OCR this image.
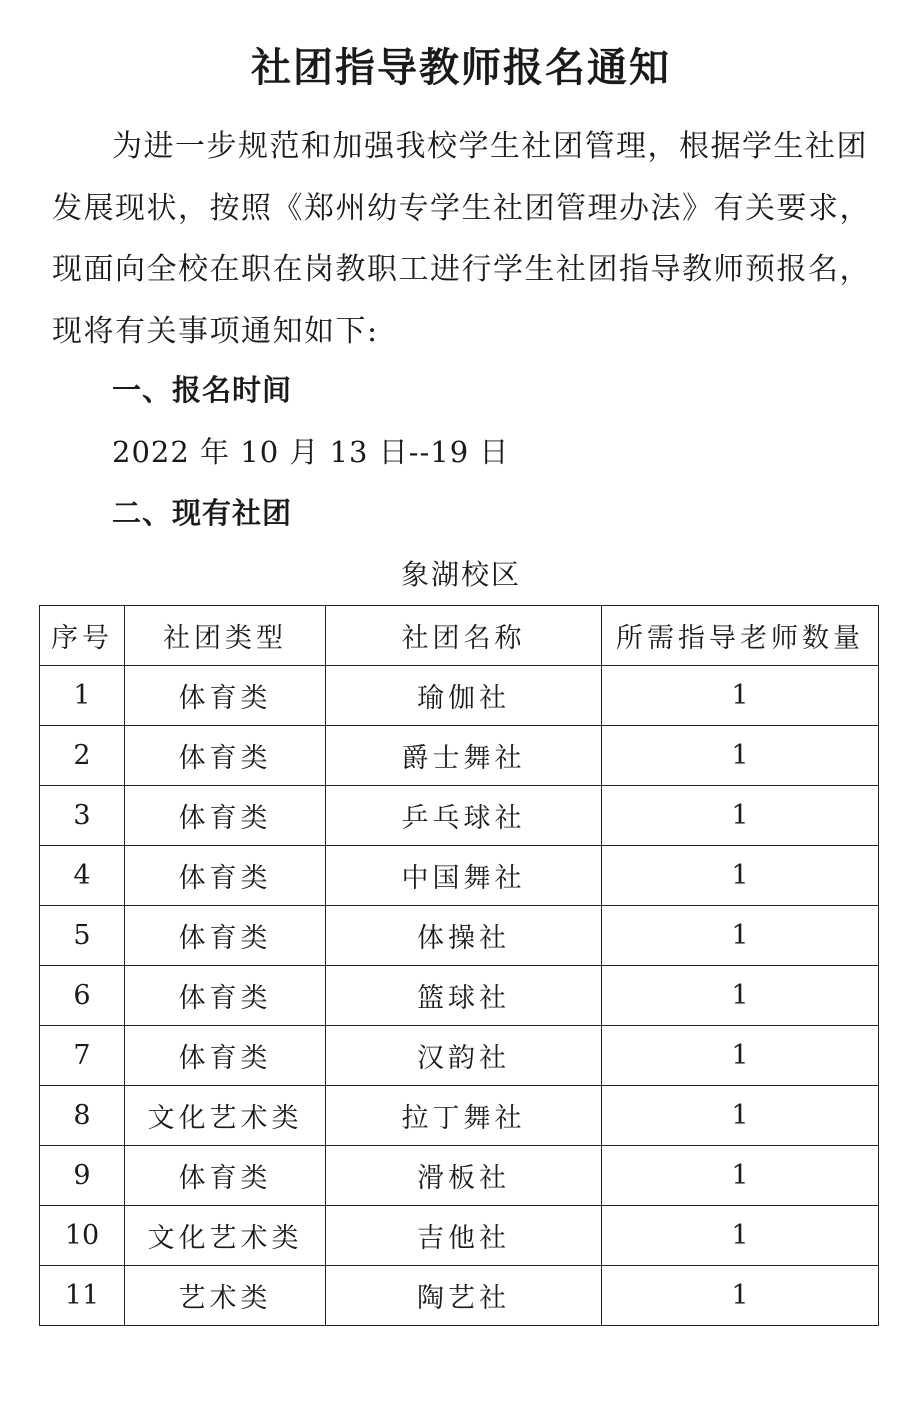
社团指导教师报名通知
为进一步规范和加强我校学生社团管理，根据学生社团发展现状，按照《郑州幼专学生社团管理办法》有关要求，现面向全校在职在岗教职工进行学生社团指导教师预报名，现将有关事项通知如下:
一、报名时间
2022 年 10 月 13 日--19 日
二、现有社团
象湖校区
序号	社团类型	社团名称	所需指导老师数量
1	体育类	瑜伽社	1
2	体育类	爵士舞社	1
3	体育类	乒乓球社	1
4	体育类	中国舞社	1
5	体育类	体操社	1
6	体育类	篮球社	1
7	体育类	汉韵社	1
8	文化艺术类	拉丁舞社	1
9	体育类	滑板社	1
10	文化艺术类	吉他社	1
11	艺术类	陶艺社	1
